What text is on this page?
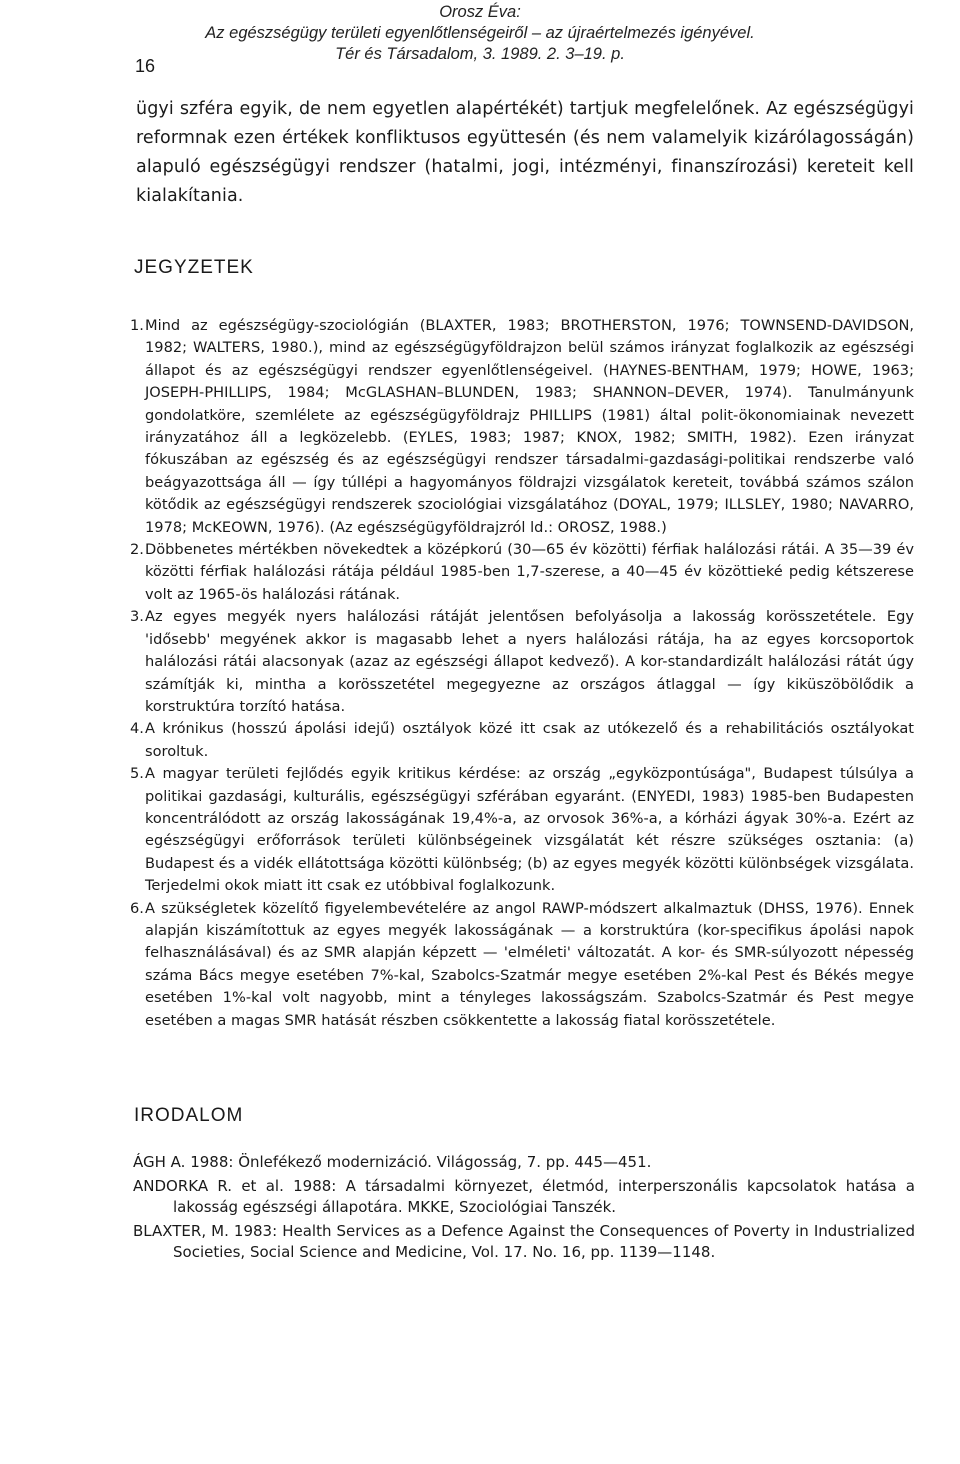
Orosz Éva:
Az egészségügy területi egyenlőtlenségeiről – az újraértelmezés igényével.
Tér és Társadalom, 3. 1989. 2. 3–19. p.
16

ügyi szféra egyik, de nem egyetlen alapértékét) tartjuk megfelelőnek. Az egészségügyi reformnak ezen értékek konfliktusos együttesén (és nem valamelyik kizárólagosságán) alapuló egészségügyi rendszer (hatalmi, jogi, intézményi, finanszírozási) kereteit kell kialakítania.

JEGYZETEK
1. Mind az egészségügy-szociológián (BLAXTER, 1983; BROTHERSTON, 1976; TOWNSEND-DAVIDSON, 1982; WALTERS, 1980.), mind az egészségügyföldrajzon belül számos irányzat foglalkozik az egészségi állapot és az egészségügyi rendszer egyenlőtlenségeivel. (HAYNES-BENTHAM, 1979; HOWE, 1963; JOSEPH-PHILLIPS, 1984; McGLASHAN–BLUNDEN, 1983; SHANNON–DEVER, 1974). Tanulmányunk gondolatköre, szemlélete az egészségügyföldrajz PHILLIPS (1981) által polit-ökonomiainak nevezett irányzatához áll a legközelebb. (EYLES, 1983; 1987; KNOX, 1982; SMITH, 1982). Ezen irányzat fókuszában az egészség és az egészségügyi rendszer társadalmi-gazdasági-politikai rendszerbe való beágyazottsága áll — így túllépi a hagyományos földrajzi vizsgálatok kereteit, továbbá számos szálon kötődik az egészségügyi rendszerek szociológiai vizsgálatához (DOYAL, 1979; ILLSLEY, 1980; NAVARRO, 1978; McKEOWN, 1976). (Az egészségügyföldrajzról ld.: OROSZ, 1988.)
2. Döbbenetes mértékben növekedtek a középkorú (30—65 év közötti) férfiak halálozási rátái. A 35—39 év közötti férfiak halálozási rátája például 1985-ben 1,7-szerese, a 40—45 év közöttieké pedig kétszerese volt az 1965-ös halálozási rátának.
3. Az egyes megyék nyers halálozási rátáját jelentősen befolyásolja a lakosság korösszetétele. Egy 'idősebb' megyének akkor is magasabb lehet a nyers halálozási rátája, ha az egyes korcsoportok halálozási rátái alacsonyak (azaz az egészségi állapot kedvező). A kor-standardizált halálozási rátát úgy számítják ki, mintha a korösszetétel megegyezne az országos átlaggal — így kiküszöbölődik a korstruktúra torzító hatása.
4. A krónikus (hosszú ápolási idejű) osztályok közé itt csak az utókezelő és a rehabilitációs osztályokat soroltuk.
5. A magyar területi fejlődés egyik kritikus kérdése: az ország „egyközpontúsága", Budapest túlsúlya a politikai gazdasági, kulturális, egészségügyi szférában egyaránt. (ENYEDI, 1983) 1985-ben Budapesten koncentrálódott az ország lakosságának 19,4%-a, az orvosok 36%-a, a kórházi ágyak 30%-a. Ezért az egészségügyi erőforrások területi különbségeinek vizsgálatát két részre szükséges osztania: (a) Budapest és a vidék ellátottsága közötti különbség; (b) az egyes megyék közötti különbségek vizsgálata. Terjedelmi okok miatt itt csak ez utóbbival foglalkozunk.
6. A szükségletek közelítő figyelembevételére az angol RAWP-módszert alkalmaztuk (DHSS, 1976). Ennek alapján kiszámítottuk az egyes megyék lakosságának — a korstruktúra (kor-specifikus ápolási napok felhasználásával) és az SMR alapján képzett — 'elméleti' változatát. A kor- és SMR-súlyozott népesség száma Bács megye esetében 7%-kal, Szabolcs-Szatmár megye esetében 2%-kal Pest és Békés megye esetében 1%-kal volt nagyobb, mint a tényleges lakosságszám. Szabolcs-Szatmár és Pest megye esetében a magas SMR hatását részben csökkentette a lakosság fiatal korösszetétele.
IRODALOM
ÁGH A. 1988: Önlefékező modernizáció. Világosság, 7. pp. 445—451.
ANDORKA R. et al. 1988: A társadalmi környezet, életmód, interperszonális kapcsolatok hatása a lakosság egészségi állapotára. MKKE, Szociológiai Tanszék.
BLAXTER, M. 1983: Health Services as a Defence Against the Consequences of Poverty in Industrialized Societies, Social Science and Medicine, Vol. 17. No. 16, pp. 1139—1148.
